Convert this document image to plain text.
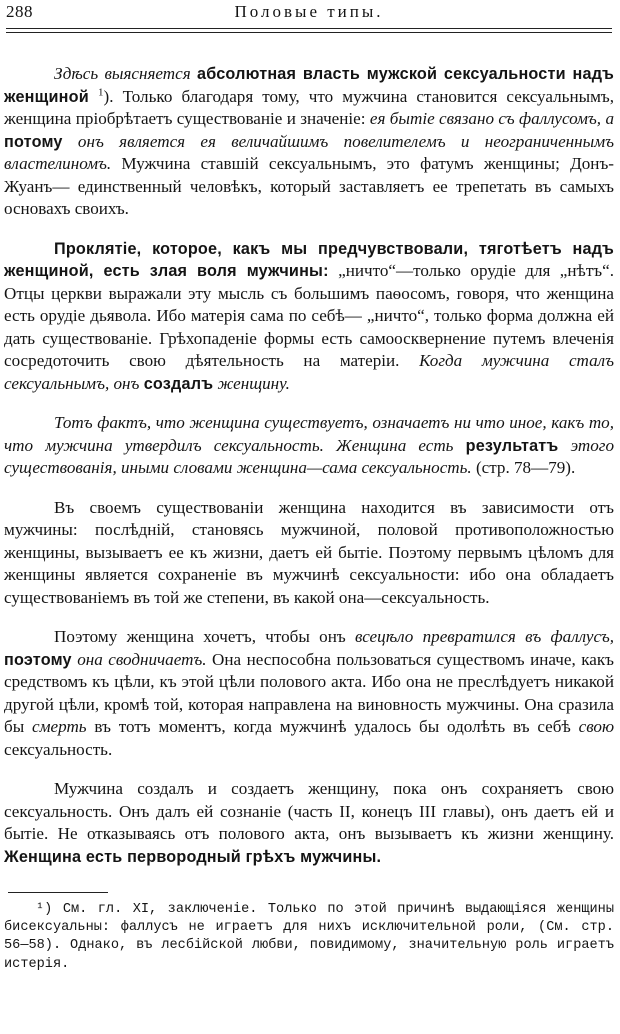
288	Половые типы.

Здѣсь выясняется абсолютная власть мужской сексуальности надъ женщиной $^1$). Только благодаря тому, что мужчина становится сексуальнымъ, женщина пріобрѣтаетъ существованіе и значеніе: ея бытіе связано съ фаллусомъ, а потому онъ является ея величайшимъ повелителемъ и неограниченнымъ властелиномъ. Мужчина ставшій сексуальнымъ, это фатумъ женщины; Донъ-Жуанъ— единственный человѣкъ, который заставляетъ ее трепетать въ самыхъ основахъ своихъ.

Проклятіе, которое, какъ мы предчувствовали, тяготѣетъ надъ женщиной, есть злая воля мужчины: „ничто“—только орудіе для „нѣтъ“. Отцы церкви выражали эту мысль съ большимъ паѳосомъ, говоря, что женщина есть орудіе дьявола. Ибо матерія сама по себѣ— „ничто“, только форма должна ей дать существованіе. Грѣхопаденіе формы есть самоосквернение путемъ влеченія сосредоточить свою дѣятельность на матеріи. Когда мужчина сталъ сексуальнымъ, онъ создалъ женщину.

Тотъ фактъ, что женщина существуетъ, означаетъ ни что иное, какъ то, что мужчина утвердилъ сексуальность. Женщина есть результатъ этого существованія, иными словами женщина—сама сексуальность. (стр. 78—79).

Въ своемъ существованіи женщина находится въ зависимости отъ мужчины: послѣдній, становясь мужчиной, половой противоположностью женщины, вызываетъ ее къ жизни, даетъ ей бытіе. Поэтому первымъ цѣломъ для женщины является сохраненіе въ мужчинѣ сексуальности: ибо она обладаетъ существованіемъ въ той же степени, въ какой она—сексуальность.

Поэтому женщина хочетъ, чтобы онъ всецѣло превратился въ фаллусъ, поэтому она сводничаетъ. Она неспособна пользоваться существомъ иначе, какъ средствомъ къ цѣли, къ этой цѣли полового акта. Ибо она не преслѣдуетъ никакой другой цѣли, кромѣ той, которая направлена на виновность мужчины. Она сразила бы смерть въ тотъ моментъ, когда мужчинѣ удалось бы одолѣть въ себѣ свою сексуальность.

Мужчина создалъ и создаетъ женщину, пока онъ сохраняетъ свою сексуальность. Онъ далъ ей сознаніе (часть II, конецъ III главы), онъ даетъ ей и бытіе. Не отказываясь отъ полового акта, онъ вызываетъ къ жизни женщину. Женщина есть первородный грѣхъ мужчины.

¹) См. гл. XI, заключеніе. Только по этой причинѣ выдающіяся женщины бисексуальны: фаллусъ не играетъ для нихъ исключительной роли, (См. стр. 56—58). Однако, въ лесбійской любви, повидимому, значительную роль играетъ истерія.
